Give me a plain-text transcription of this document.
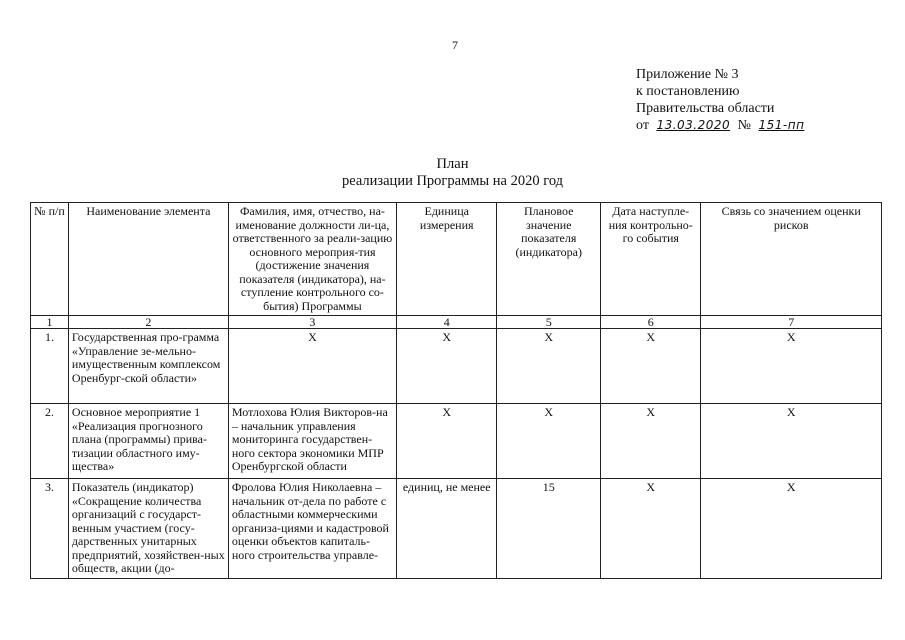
7
Приложение № 3
к постановлению
Правительства области
от 13.03.2020 № 151-пп
План
реализации Программы на 2020 год
№ п/п	Наименование элемента	Фамилия, имя, отчество, на-именование должности ли-ца, ответственного за реали-зацию основного мероприя-тия (достижение значения показателя (индикатора), на-ступление контрольного со-бытия) Программы	Единица измерения	Плановое значение показателя (индикатора)	Дата наступле-ния контрольно-го события	Связь со значением оценки рисков
1	2	3	4	5	6	7
1.	Государственная про-грамма «Управление зе-мельно-имущественным комплексом Оренбург-ской области»	Х	Х	Х	Х	Х
2.	Основное мероприятие 1 «Реализация прогнозного плана (программы) прива-тизации областного иму-щества»	Мотлохова Юлия Викторов-на – начальник управления мониторинга государствен-ного сектора экономики МПР Оренбургской области	Х	Х	Х	Х
3.	Показатель (индикатор) «Сокращение количества организаций с государст-венным участием (госу-дарственных унитарных предприятий, хозяйствен-ных обществ, акции (до-	Фролова Юлия Николаевна – начальник от-дела по работе с областными коммерческими организа-циями и кадастровой оценки объектов капиталь-ного строительства управле-	единиц, не менее	15	Х	Х
